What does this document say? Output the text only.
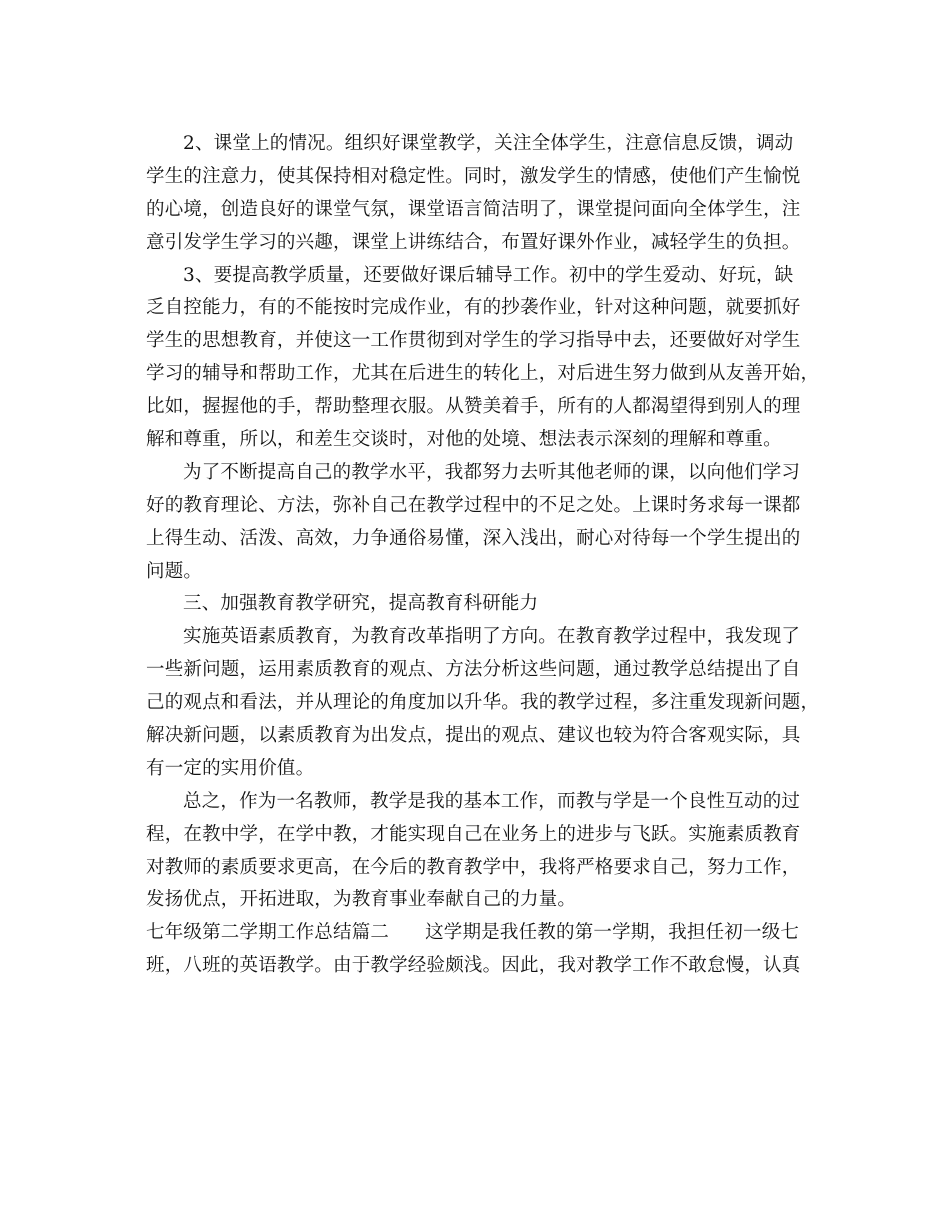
2、课堂上的情况。组织好课堂教学，关注全体学生，注意信息反馈，调动
学生的注意力，使其保持相对稳定性。同时，激发学生的情感，使他们产生愉悦
的心境，创造良好的课堂气氛，课堂语言简洁明了，课堂提问面向全体学生，注
意引发学生学习的兴趣，课堂上讲练结合，布置好课外作业，减轻学生的负担。
3、要提高教学质量，还要做好课后辅导工作。初中的学生爱动、好玩，缺
乏自控能力，有的不能按时完成作业，有的抄袭作业，针对这种问题，就要抓好
学生的思想教育，并使这一工作贯彻到对学生的学习指导中去，还要做好对学生
学习的辅导和帮助工作，尤其在后进生的转化上，对后进生努力做到从友善开始，
比如，握握他的手，帮助整理衣服。从赞美着手，所有的人都渴望得到别人的理
解和尊重，所以，和差生交谈时，对他的处境、想法表示深刻的理解和尊重。
为了不断提高自己的教学水平，我都努力去听其他老师的课，以向他们学习
好的教育理论、方法，弥补自己在教学过程中的不足之处。上课时务求每一课都
上得生动、活泼、高效，力争通俗易懂，深入浅出，耐心对待每一个学生提出的
问题。
三、加强教育教学研究，提高教育科研能力
实施英语素质教育，为教育改革指明了方向。在教育教学过程中，我发现了
一些新问题，运用素质教育的观点、方法分析这些问题，通过教学总结提出了自
己的观点和看法，并从理论的角度加以升华。我的教学过程，多注重发现新问题，
解决新问题，以素质教育为出发点，提出的观点、建议也较为符合客观实际，具
有一定的实用价值。
总之，作为一名教师，教学是我的基本工作，而教与学是一个良性互动的过
程，在教中学，在学中教，才能实现自己在业务上的进步与飞跃。实施素质教育
对教师的素质要求更高，在今后的教育教学中，我将严格要求自己，努力工作，
发扬优点，开拓进取，为教育事业奉献自己的力量。
七年级第二学期工作总结篇二 这学期是我任教的第一学期，我担任初一级七
班，八班的英语教学。由于教学经验颇浅。因此，我对教学工作不敢怠慢，认真
